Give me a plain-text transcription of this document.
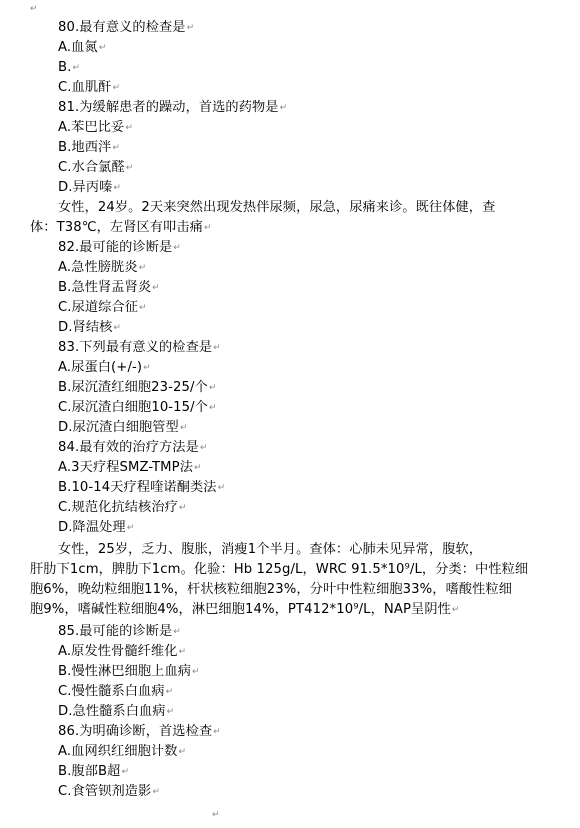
↵
80.最有意义的检查是↵
A.血氮↵
B.↵
C.血肌酐↵
81.为缓解患者的躁动，首选的药物是↵
A.苯巴比妥↵
B.地西泮↵
C.水合氯醛↵
D.异丙嗪↵
女性，24岁。2天来突然出现发热伴尿频，尿急，尿痛来诊。既往体健，查
体：T38℃，左肾区有叩击痛↵
82.最可能的诊断是↵
A.急性膀胱炎↵
B.急性肾盂肾炎↵
C.尿道综合征↵
D.肾结核↵
83.下列最有意义的检查是↵
A.尿蛋白(+/-)↵
B.尿沉渣红细胞23-25/个↵
C.尿沉渣白细胞10-15/个↵
D.尿沉渣白细胞管型↵
84.最有效的治疗方法是↵
A.3天疗程SMZ-TMP法↵
B.10-14天疗程喹诺酮类法↵
C.规范化抗结核治疗↵
D.降温处理↵
女性，25岁，乏力、腹胀，消瘦1个半月。查体：心肺未见异常，腹软，
肝肋下1cm，脾肋下1cm。化验：Hb 125g/L，WRC 91.5*10⁹/L，分类：中性粒细
胞6%，晚幼粒细胞11%，杆状核粒细胞23%，分叶中性粒细胞33%，嗜酸性粒细
胞9%，嗜碱性粒细胞4%，淋巴细胞14%，PT412*10⁹/L，NAP呈阴性↵
85.最可能的诊断是↵
A.原发性骨髓纤维化↵
B.慢性淋巴细胞上血病↵
C.慢性髓系白血病↵
D.急性髓系白血病↵
86.为明确诊断，首选检查↵
A.血网织红细胞计数↵
B.腹部B超↵
C.食管钡剂造影↵
↵
